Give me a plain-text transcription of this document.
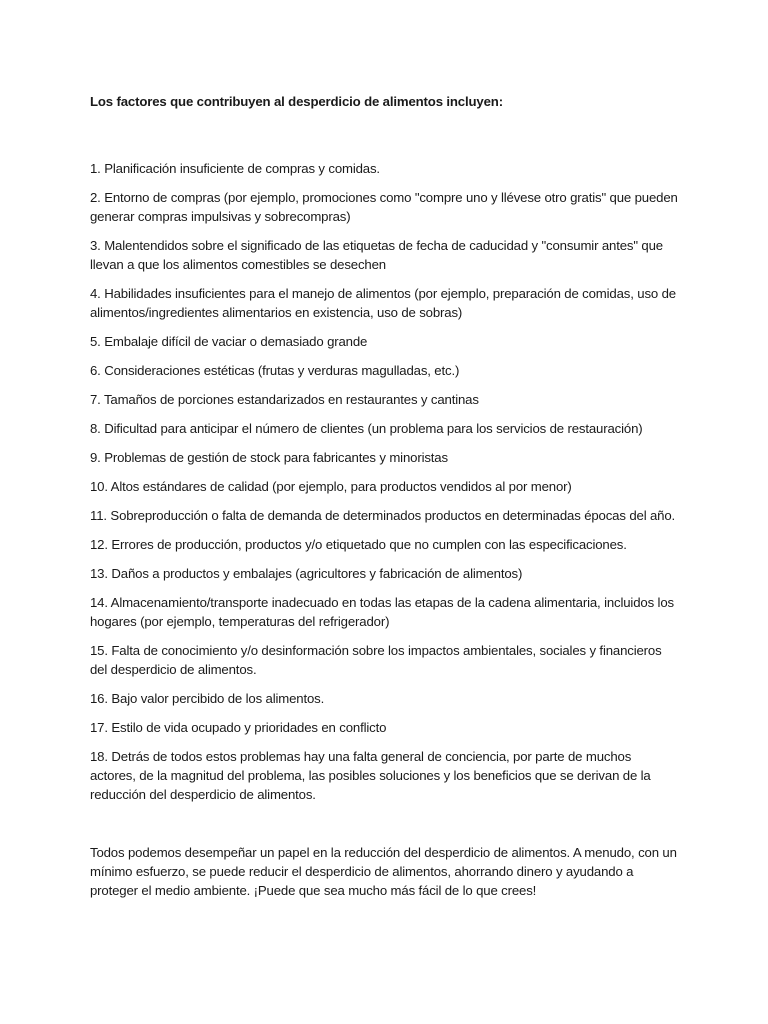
Los factores que contribuyen al desperdicio de alimentos incluyen:

1. Planificación insuficiente de compras y comidas.
2. Entorno de compras (por ejemplo, promociones como "compre uno y llévese otro gratis" que pueden generar compras impulsivas y sobrecompras)
3. Malentendidos sobre el significado de las etiquetas de fecha de caducidad y "consumir antes" que llevan a que los alimentos comestibles se desechen
4. Habilidades insuficientes para el manejo de alimentos (por ejemplo, preparación de comidas, uso de alimentos/ingredientes alimentarios en existencia, uso de sobras)
5. Embalaje difícil de vaciar o demasiado grande
6. Consideraciones estéticas (frutas y verduras magulladas, etc.)
7. Tamaños de porciones estandarizados en restaurantes y cantinas
8. Dificultad para anticipar el número de clientes (un problema para los servicios de restauración)
9. Problemas de gestión de stock para fabricantes y minoristas
10. Altos estándares de calidad (por ejemplo, para productos vendidos al por menor)
11. Sobreproducción o falta de demanda de determinados productos en determinadas épocas del año.
12. Errores de producción, productos y/o etiquetado que no cumplen con las especificaciones.
13. Daños a productos y embalajes (agricultores y fabricación de alimentos)
14. Almacenamiento/transporte inadecuado en todas las etapas de la cadena alimentaria, incluidos los hogares (por ejemplo, temperaturas del refrigerador)
15. Falta de conocimiento y/o desinformación sobre los impactos ambientales, sociales y financieros del desperdicio de alimentos.
16. Bajo valor percibido de los alimentos.
17. Estilo de vida ocupado y prioridades en conflicto
18. Detrás de todos estos problemas hay una falta general de conciencia, por parte de muchos actores, de la magnitud del problema, las posibles soluciones y los beneficios que se derivan de la reducción del desperdicio de alimentos.

Todos podemos desempeñar un papel en la reducción del desperdicio de alimentos. A menudo, con un mínimo esfuerzo, se puede reducir el desperdicio de alimentos, ahorrando dinero y ayudando a proteger el medio ambiente. ¡Puede que sea mucho más fácil de lo que crees!
